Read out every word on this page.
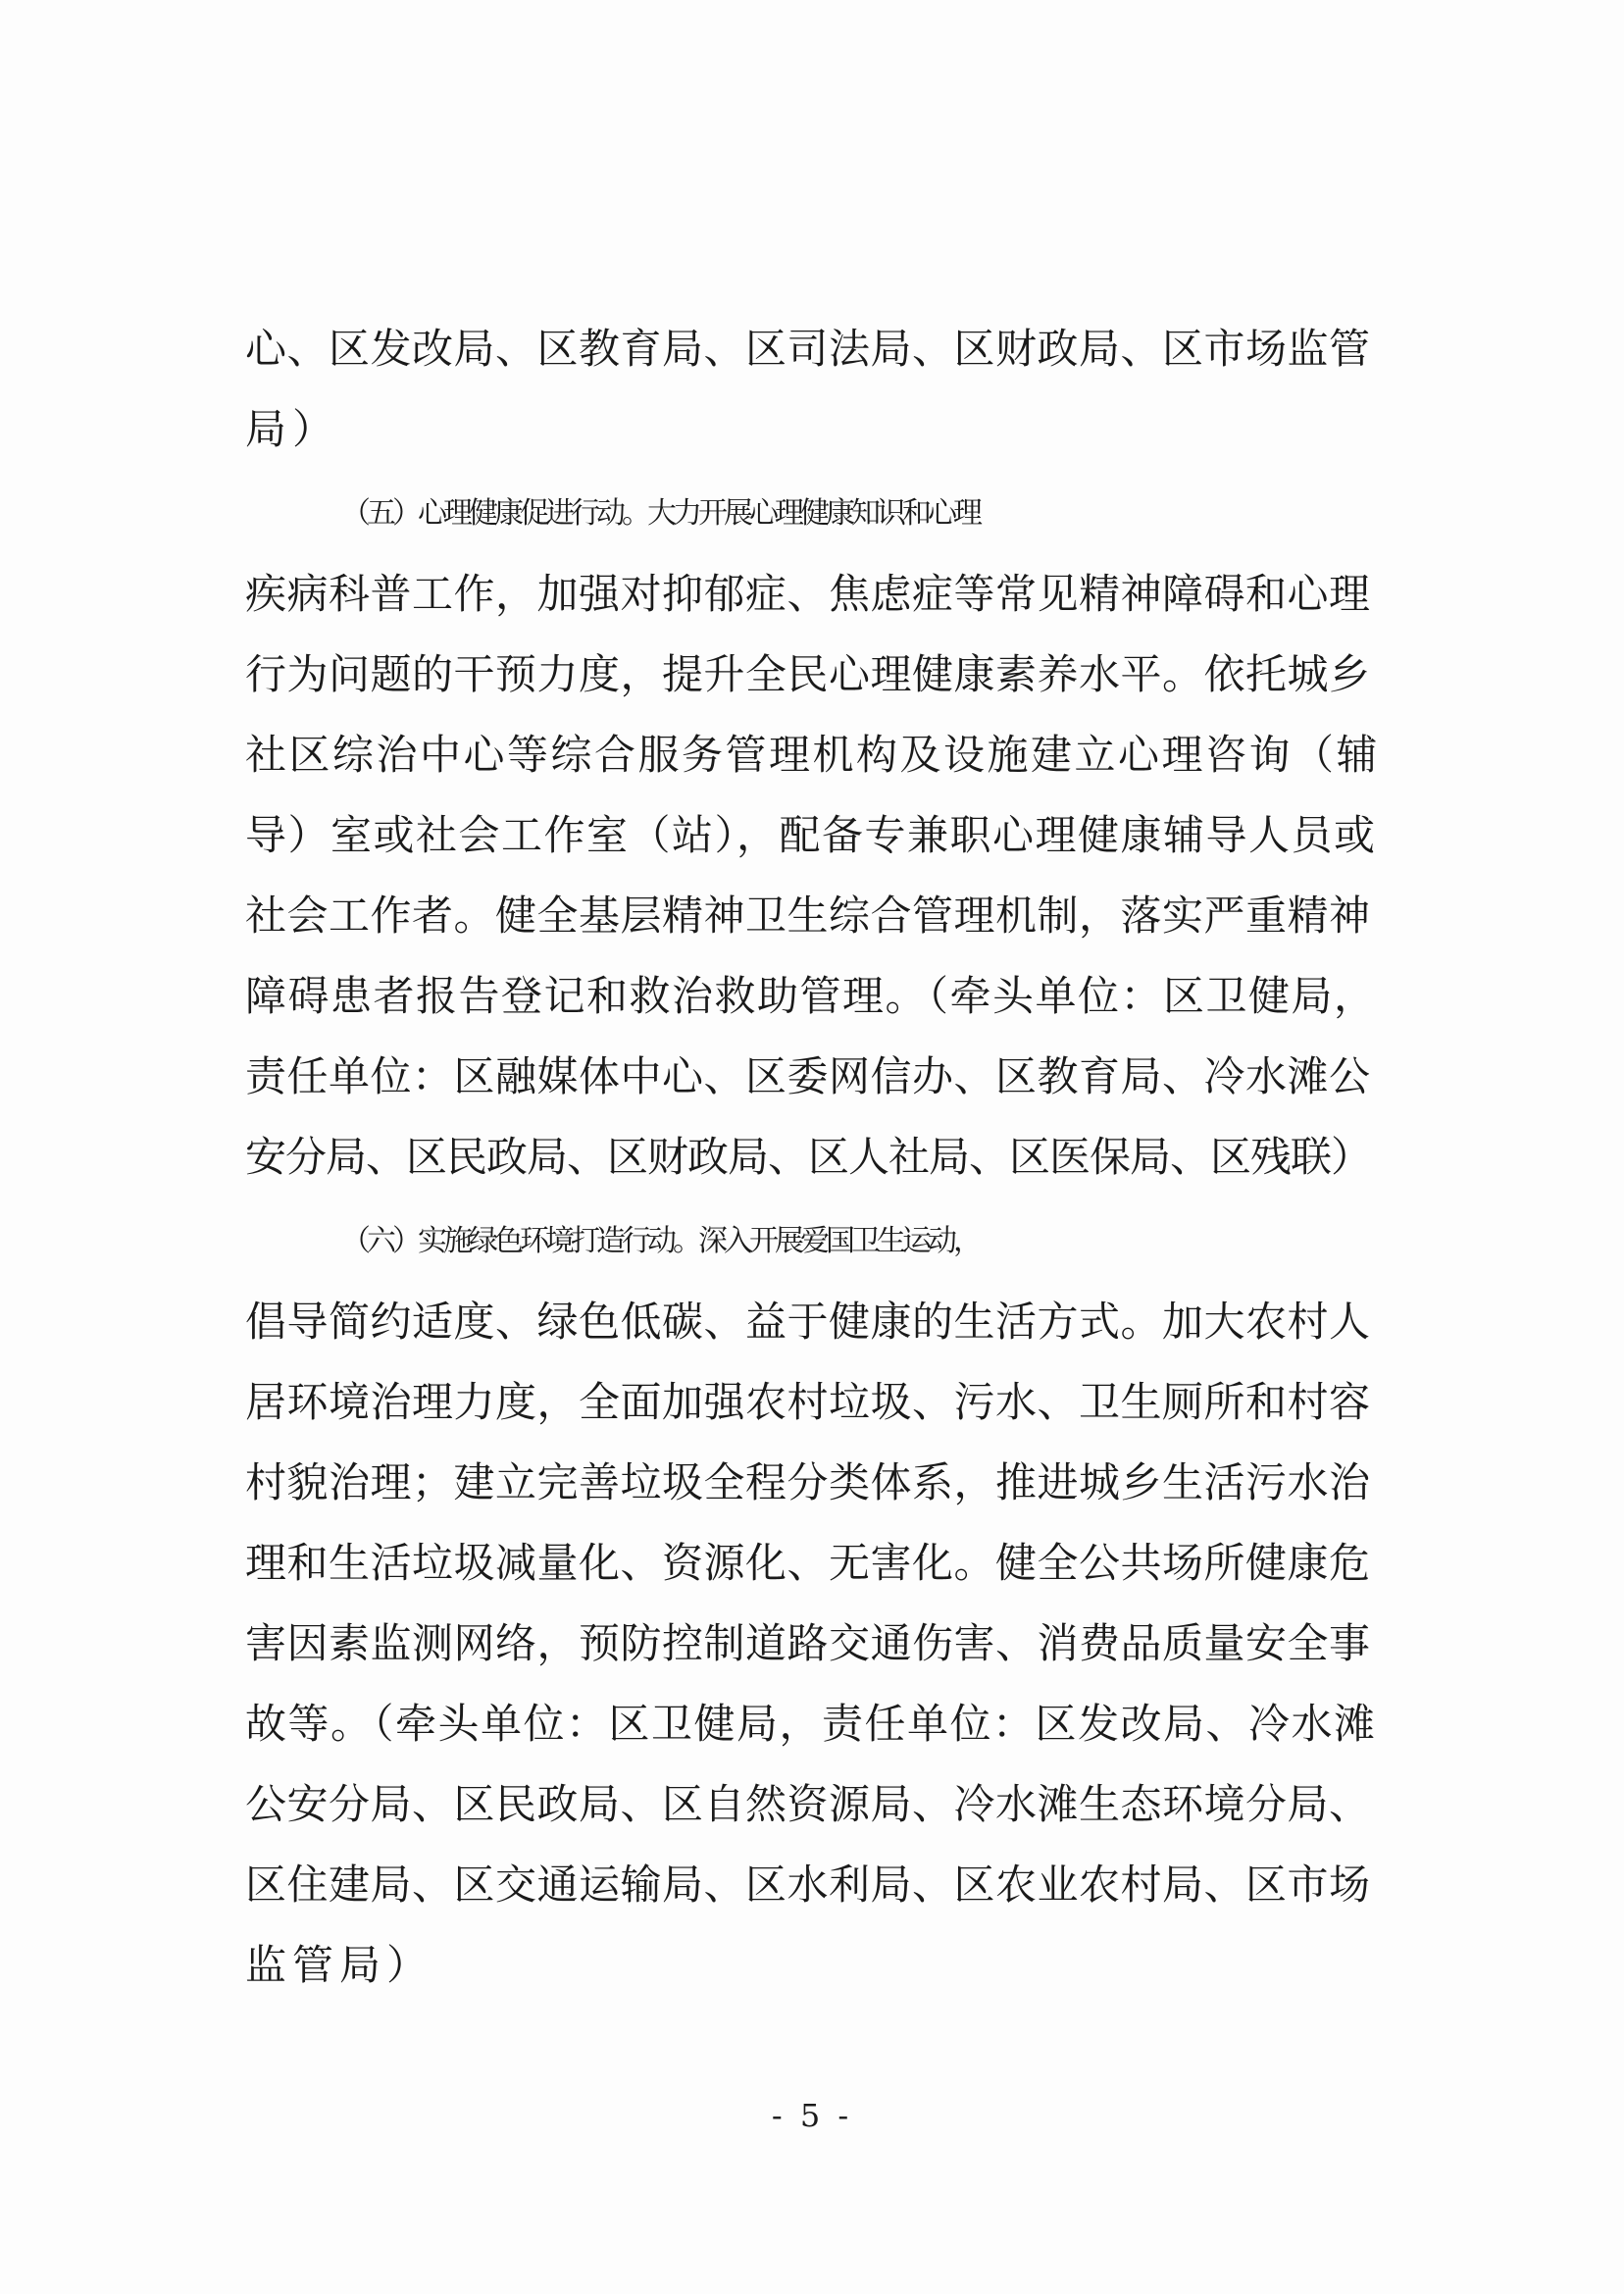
心、区发改局、区教育局、区司法局、区财政局、区市场监管
局）
（五）心理健康促进行动。大力开展心理健康知识和心理
疾病科普工作，加强对抑郁症、焦虑症等常见精神障碍和心理
行为问题的干预力度，提升全民心理健康素养水平。依托城乡
社区综治中心等综合服务管理机构及设施建立心理咨询（辅
导）室或社会工作室（站），配备专兼职心理健康辅导人员或
社会工作者。健全基层精神卫生综合管理机制，落实严重精神
障碍患者报告登记和救治救助管理。（牵头单位：区卫健局，
责任单位：区融媒体中心、区委网信办、区教育局、冷水滩公
安分局、区民政局、区财政局、区人社局、区医保局、区残联）
（六）实施绿色环境打造行动。深入开展爱国卫生运动，
倡导简约适度、绿色低碳、益于健康的生活方式。加大农村人
居环境治理力度，全面加强农村垃圾、污水、卫生厕所和村容
村貌治理；建立完善垃圾全程分类体系，推进城乡生活污水治
理和生活垃圾减量化、资源化、无害化。健全公共场所健康危
害因素监测网络，预防控制道路交通伤害、消费品质量安全事
故等。（牵头单位：区卫健局，责任单位：区发改局、冷水滩
公安分局、区民政局、区自然资源局、冷水滩生态环境分局、
区住建局、区交通运输局、区水利局、区农业农村局、区市场
监管局）
- 5 -
